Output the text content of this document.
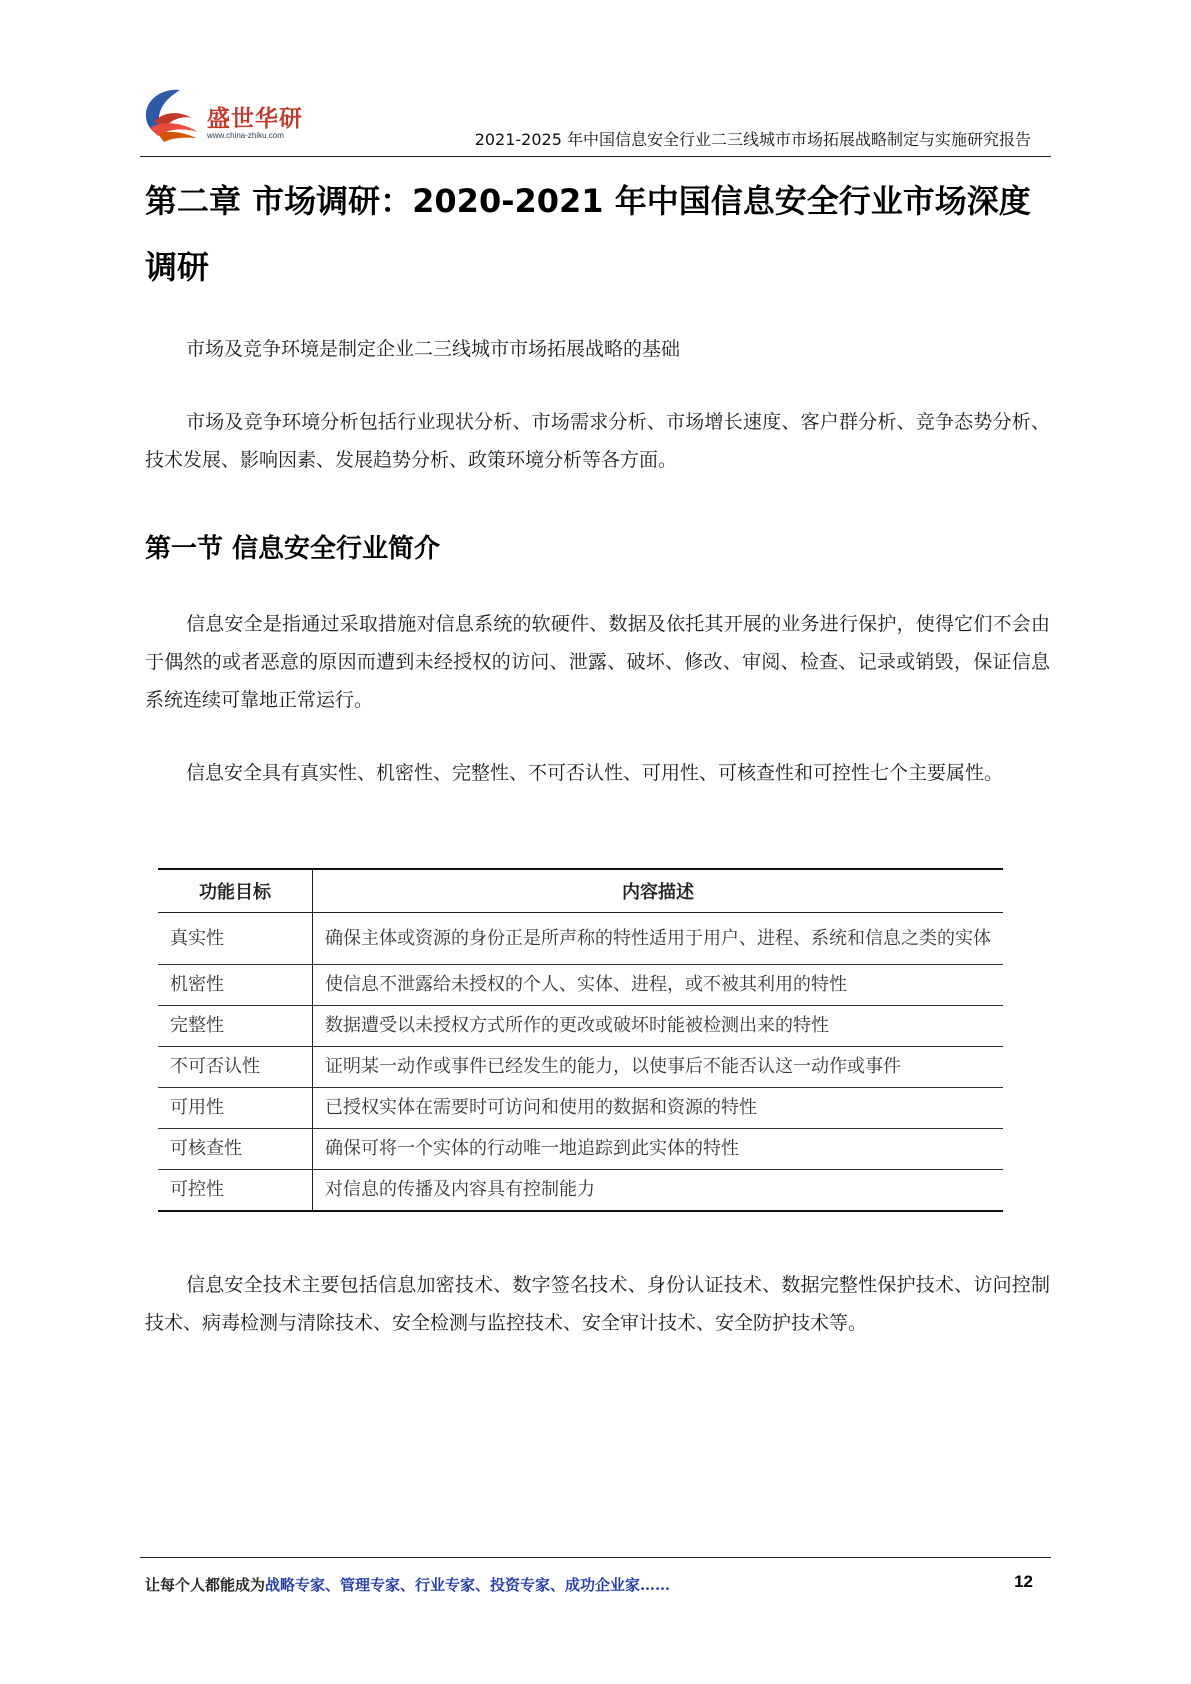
盛世华研
www.china-zhiku.com	2021-2025 年中国信息安全行业二三线城市市场拓展战略制定与实施研究报告
第二章 市场调研：2020-2021 年中国信息安全行业市场深度调研
市场及竞争环境是制定企业二三线城市市场拓展战略的基础
市场及竞争环境分析包括行业现状分析、市场需求分析、市场增长速度、客户群分析、竞争态势分析、技术发展、影响因素、发展趋势分析、政策环境分析等各方面。
第一节 信息安全行业简介
信息安全是指通过采取措施对信息系统的软硬件、数据及依托其开展的业务进行保护，使得它们不会由于偶然的或者恶意的原因而遭到未经授权的访问、泄露、破坏、修改、审阅、检查、记录或销毁，保证信息系统连续可靠地正常运行。
信息安全具有真实性、机密性、完整性、不可否认性、可用性、可核查性和可控性七个主要属性。
功能目标	内容描述
真实性	确保主体或资源的身份正是所声称的特性适用于用户、进程、系统和信息之类的实体
机密性	使信息不泄露给未授权的个人、实体、进程，或不被其利用的特性
完整性	数据遭受以未授权方式所作的更改或破坏时能被检测出来的特性
不可否认性	证明某一动作或事件已经发生的能力，以使事后不能否认这一动作或事件
可用性	已授权实体在需要时可访问和使用的数据和资源的特性
可核查性	确保可将一个实体的行动唯一地追踪到此实体的特性
可控性	对信息的传播及内容具有控制能力
信息安全技术主要包括信息加密技术、数字签名技术、身份认证技术、数据完整性保护技术、访问控制技术、病毒检测与清除技术、安全检测与监控技术、安全审计技术、安全防护技术等。
让每个人都能成为战略专家、管理专家、行业专家、投资专家、成功企业家……	12
